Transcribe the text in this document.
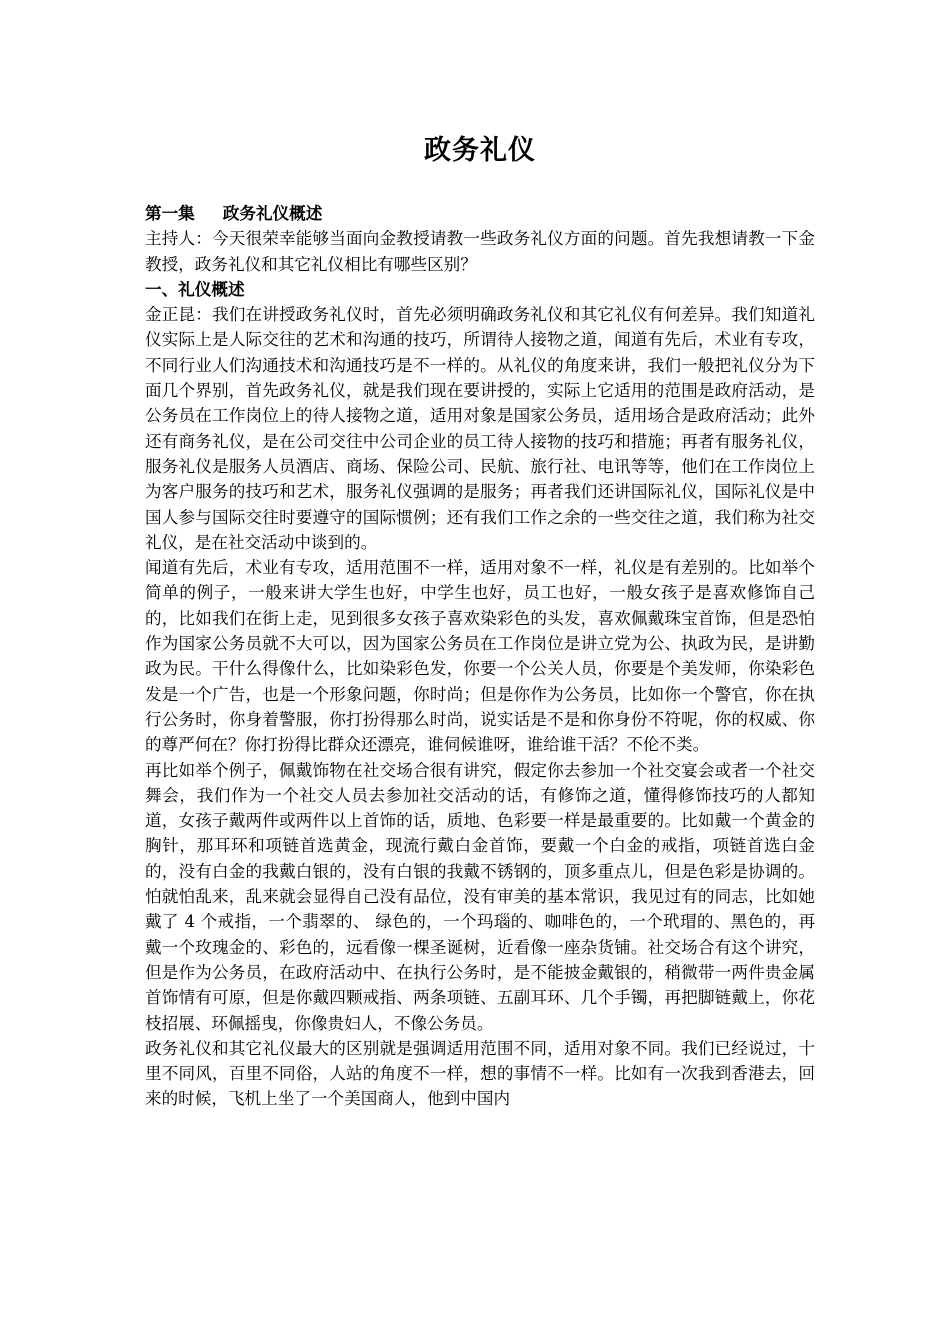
政务礼仪

第一集 政务礼仪概述

主持人：今天很荣幸能够当面向金教授请教一些政务礼仪方面的问题。首先我想请教一下金教授，政务礼仪和其它礼仪相比有哪些区别？

一、礼仪概述

金正昆：我们在讲授政务礼仪时，首先必须明确政务礼仪和其它礼仪有何差异。我们知道礼仪实际上是人际交往的艺术和沟通的技巧，所谓待人接物之道，闻道有先后，术业有专攻，不同行业人们沟通技术和沟通技巧是不一样的。从礼仪的角度来讲，我们一般把礼仪分为下面几个界别，首先政务礼仪，就是我们现在要讲授的，实际上它适用的范围是政府活动，是公务员在工作岗位上的待人接物之道，适用对象是国家公务员，适用场合是政府活动；此外还有商务礼仪，是在公司交往中公司企业的员工待人接物的技巧和措施；再者有服务礼仪，服务礼仪是服务人员酒店、商场、保险公司、民航、旅行社、电讯等等，他们在工作岗位上为客户服务的技巧和艺术，服务礼仪强调的是服务；再者我们还讲国际礼仪，国际礼仪是中国人参与国际交往时要遵守的国际惯例；还有我们工作之余的一些交往之道，我们称为社交礼仪，是在社交活动中谈到的。

闻道有先后，术业有专攻，适用范围不一样，适用对象不一样，礼仪是有差别的。比如举个简单的例子，一般来讲大学生也好，中学生也好，员工也好，一般女孩子是喜欢修饰自己的，比如我们在街上走，见到很多女孩子喜欢染彩色的头发，喜欢佩戴珠宝首饰，但是恐怕作为国家公务员就不大可以，因为国家公务员在工作岗位是讲立党为公、执政为民，是讲勤政为民。干什么得像什么，比如染彩色发，你要一个公关人员，你要是个美发师，你染彩色发是一个广告，也是一个形象问题，你时尚；但是你作为公务员，比如你一个警官，你在执行公务时，你身着警服，你打扮得那么时尚，说实话是不是和你身份不符呢，你的权威、你的尊严何在？你打扮得比群众还漂亮，谁伺候谁呀，谁给谁干活？不伦不类。

再比如举个例子，佩戴饰物在社交场合很有讲究，假定你去参加一个社交宴会或者一个社交舞会，我们作为一个社交人员去参加社交活动的话，有修饰之道，懂得修饰技巧的人都知道，女孩子戴两件或两件以上首饰的话，质地、色彩要一样是最重要的。比如戴一个黄金的胸针，那耳环和项链首选黄金，现流行戴白金首饰，要戴一个白金的戒指，项链首选白金的，没有白金的我戴白银的，没有白银的我戴不锈钢的，顶多重点儿，但是色彩是协调的。怕就怕乱来，乱来就会显得自己没有品位，没有审美的基本常识，我见过有的同志，比如她戴了 4 个戒指，一个翡翠的、 绿色的，一个玛瑙的、咖啡色的，一个玳瑁的、黑色的，再戴一个玫瑰金的、彩色的，远看像一棵圣诞树，近看像一座杂货铺。社交场合有这个讲究，但是作为公务员，在政府活动中、在执行公务时，是不能披金戴银的，稍微带一两件贵金属首饰情有可原，但是你戴四颗戒指、两条项链、五副耳环、几个手镯，再把脚链戴上，你花枝招展、环佩摇曳，你像贵妇人，不像公务员。

政务礼仪和其它礼仪最大的区别就是强调适用范围不同，适用对象不同。我们已经说过，十里不同风，百里不同俗，人站的角度不一样，想的事情不一样。比如有一次我到香港去，回来的时候，飞机上坐了一个美国商人，他到中国内
